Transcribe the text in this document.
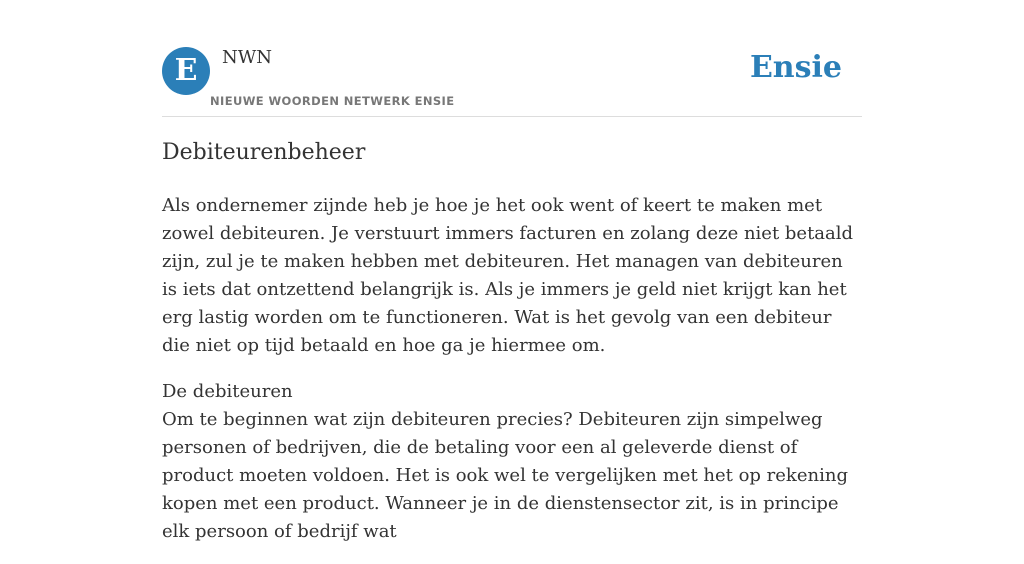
E	NWN
NIEUWE WOORDEN NETWERK ENSIE
Ensie
Debiteurenbeheer

Als ondernemer zijnde heb je hoe je het ook went of keert te maken met zowel debiteuren. Je verstuurt immers facturen en zolang deze niet betaald zijn, zul je te maken hebben met debiteuren. Het managen van debiteuren is iets dat ontzettend belangrijk is. Als je immers je geld niet krijgt kan het erg lastig worden om te functioneren. Wat is het gevolg van een debiteur die niet op tijd betaald en hoe ga je hiermee om.

De debiteuren
Om te beginnen wat zijn debiteuren precies? Debiteuren zijn simpelweg personen of bedrijven, die de betaling voor een al geleverde dienst of product moeten voldoen. Het is ook wel te vergelijken met het op rekening kopen met een product. Wanneer je in de dienstensector zit, is in principe elk persoon of bedrijf wat
